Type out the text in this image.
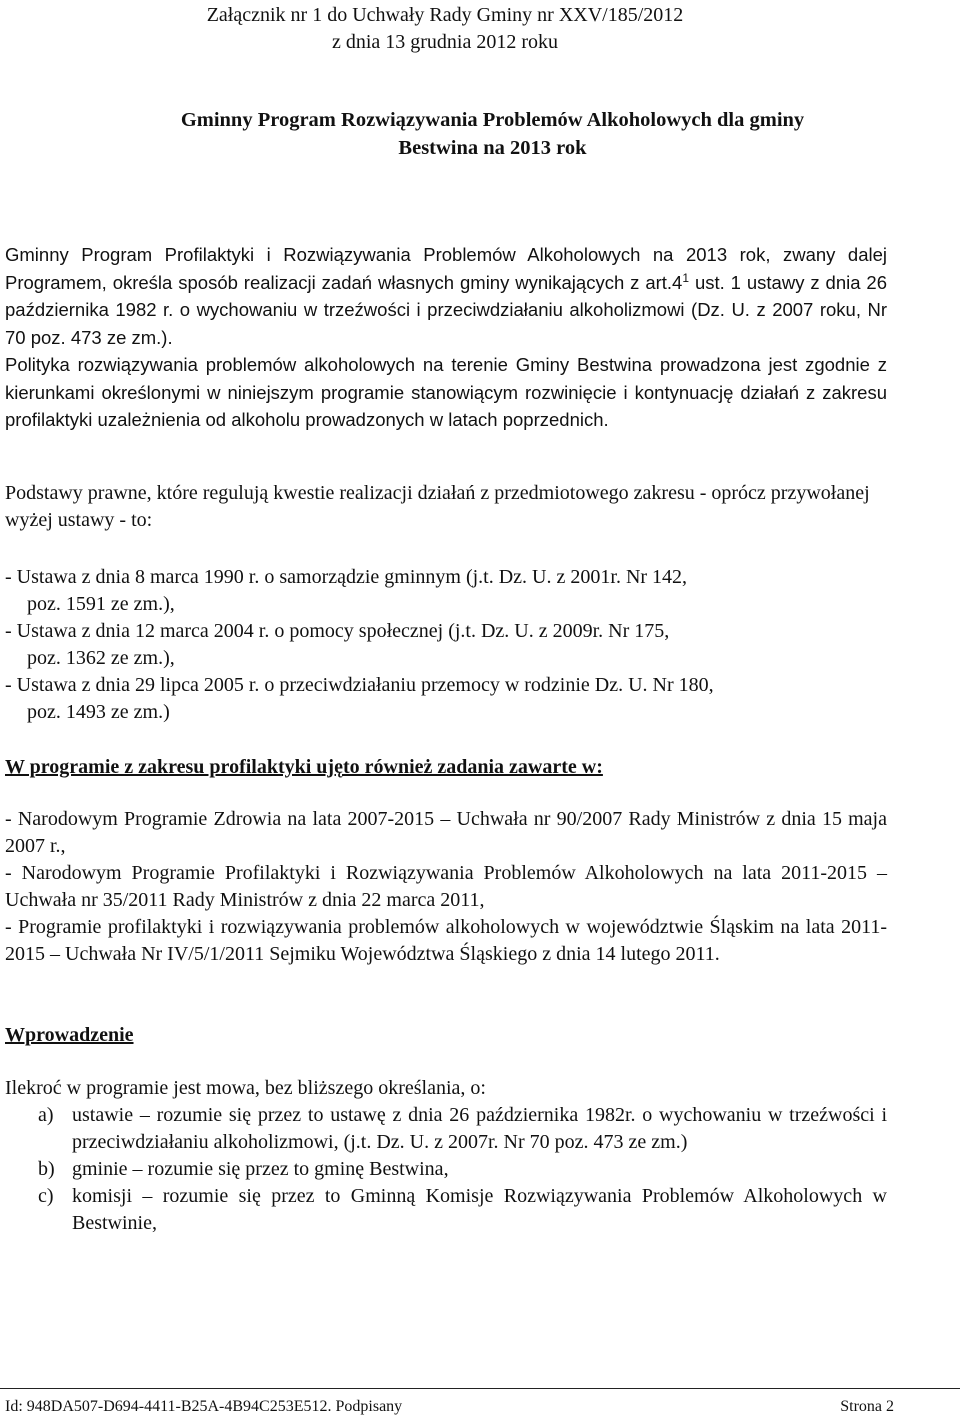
Załącznik nr 1 do Uchwały Rady Gminy nr XXV/185/2012
z dnia 13 grudnia 2012 roku
Gminny Program Rozwiązywania Problemów Alkoholowych dla gminy
Bestwina na 2013 rok
Gminny Program Profilaktyki i Rozwiązywania Problemów Alkoholowych na 2013 rok, zwany dalej Programem, określa sposób realizacji zadań własnych gminy wynikających z $art.4^1$ ust. 1 ustawy z dnia 26 października 1982 r. o wychowaniu w trzeźwości i przeciwdziałaniu alkoholizmowi (Dz. U. z 2007 roku, Nr 70 poz. 473 ze zm.).
Polityka rozwiązywania problemów alkoholowych na terenie Gminy Bestwina prowadzona jest zgodnie z kierunkami określonymi w niniejszym programie stanowiącym rozwinięcie i kontynuację działań z zakresu profilaktyki uzależnienia od alkoholu prowadzonych w latach poprzednich.
Podstawy prawne, które regulują kwestie realizacji działań z przedmiotowego zakresu - oprócz przywołanej wyżej ustawy - to:
- Ustawa z dnia 8 marca 1990 r. o samorządzie gminnym (j.t. Dz. U. z 2001r. Nr 142,
poz. 1591 ze zm.),
- Ustawa z dnia 12 marca 2004 r. o pomocy społecznej (j.t. Dz. U. z 2009r. Nr 175,
poz. 1362 ze zm.),
- Ustawa z dnia 29 lipca 2005 r. o przeciwdziałaniu przemocy w rodzinie Dz. U. Nr 180,
poz. 1493 ze zm.)
W programie z zakresu profilaktyki ujęto również zadania zawarte w:
- Narodowym Programie Zdrowia na lata 2007-2015 – Uchwała nr 90/2007 Rady Ministrów z dnia 15 maja 2007 r.,
- Narodowym Programie Profilaktyki i Rozwiązywania Problemów Alkoholowych na lata 2011-2015 – Uchwała nr 35/2011 Rady Ministrów z dnia 22 marca 2011,
- Programie profilaktyki i rozwiązywania problemów alkoholowych w województwie Śląskim na lata 2011-2015 – Uchwała Nr IV/5/1/2011 Sejmiku Województwa Śląskiego z dnia 14 lutego 2011.
Wprowadzenie
Ilekroć w programie jest mowa, bez bliższego określania, o:
a) ustawie – rozumie się przez to ustawę z dnia 26 października 1982r. o wychowaniu w trzeźwości i przeciwdziałaniu alkoholizmowi, (j.t. Dz. U. z 2007r. Nr 70 poz. 473 ze zm.)
b) gminie – rozumie się przez to gminę Bestwina,
c) komisji – rozumie się przez to Gminną Komisje Rozwiązywania Problemów Alkoholowych w Bestwinie,
Id: 948DA507-D694-4411-B25A-4B94C253E512. Podpisany	Strona 2
